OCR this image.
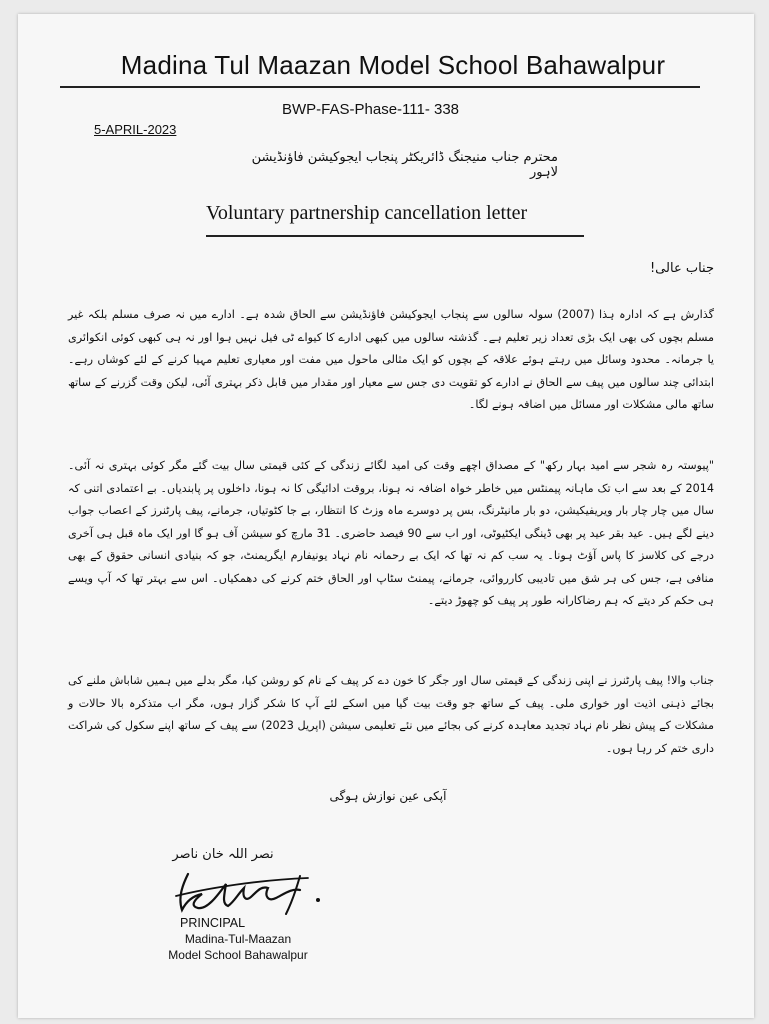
Madina Tul Maazan Model School Bahawalpur
BWP-FAS-Phase-111- 338
5-APRIL-2023
محترم جناب منیجنگ ڈائریکٹر پنجاب ایجوکیشن فاؤنڈیشن لاہور
Voluntary partnership cancellation letter
جناب عالی!
گذارش ہے کہ ادارہ ہذا (2007) سولہ سالوں سے پنجاب ایجوکیشن فاؤنڈیشن سے الحاق شدہ ہے۔ ادارے میں نہ صرف مسلم بلکہ غیر مسلم بچوں کی بھی ایک بڑی تعداد زیر تعلیم ہے۔ گذشتہ سالوں میں کبھی ادارے کا کیواے ٹی فیل نہیں ہوا اور نہ ہی کبھی کوئی انکوائری یا جرمانہ۔ محدود وسائل میں رہتے ہوئے علاقہ کے بچوں کو ایک مثالی ماحول میں مفت اور معیاری تعلیم مہیا کرنے کے لئے کوشاں رہے۔ ابتدائی چند سالوں میں پیف سے الحاق نے ادارے کو تقویت دی جس سے معیار اور مقدار میں قابل ذکر بہتری آئی، لیکن وقت گزرنے کے ساتھ ساتھ مالی مشکلات اور مسائل میں اضافہ ہونے لگا۔
"پیوستہ رہ شجر سے امید بہار رکھ" کے مصداق اچھے وقت کی امید لگائے زندگی کے کئی قیمتی سال بیت گئے مگر کوئی بہتری نہ آئی۔ 2014 کے بعد سے اب تک ماہانہ پیمنٹس میں خاطر خواہ اضافہ نہ ہونا، بروقت ادائیگی کا نہ ہونا، داخلوں پر پابندیاں۔ بے اعتمادی اتنی کہ سال میں چار چار بار ویریفیکیشن، دو بار مانیٹرنگ، بس پر دوسرے ماہ وزٹ کا انتظار، بے جا کٹوتیاں، جرمانے، پیف پارٹنرز کے اعصاب جواب دینے لگے ہیں۔ عید بقر عید پر بھی ڈینگی ایکٹیوٹی، اور اب سے 90 فیصد حاضری۔ 31 مارچ کو سیشن آف ہو گا اور ایک ماہ قبل ہی آخری درجے کی کلاسز کا پاس آؤٹ ہونا۔ یہ سب کم نہ تھا کہ ایک بے رحمانہ نام نہاد یونیفارم ایگریمنٹ، جو کہ بنیادی انسانی حقوق کے بھی منافی ہے، جس کی ہر شق میں تادیبی کارروائی، جرمانے، پیمنٹ سٹاپ اور الحاق ختم کرنے کی دھمکیاں۔ اس سے بہتر تھا کہ آپ ویسے ہی حکم کر دیتے کہ ہم رضاکارانہ طور پر پیف کو چھوڑ دیتے۔
جناب والا! پیف پارٹنرز نے اپنی زندگی کے قیمتی سال اور جگر کا خون دے کر پیف کے نام کو روشن کیا، مگر بدلے میں ہمیں شاباش ملنے کی بجائے ذہنی اذیت اور خواری ملی۔ پیف کے ساتھ جو وقت بیت گیا میں اسکے لئے آپ کا شکر گزار ہوں، مگر اب متذکرہ بالا حالات و مشکلات کے پیش نظر نام نہاد تجدید معاہدہ کرنے کی بجائے میں نئے تعلیمی سیشن (اپریل 2023) سے پیف کے ساتھ اپنے سکول کی شراکت داری ختم کر رہا ہوں۔
آپکی عین نوازش ہوگی
نصر اللہ خان ناصر
PRINCIPAL
Madina-Tul-Maazan
Model School Bahawalpur
